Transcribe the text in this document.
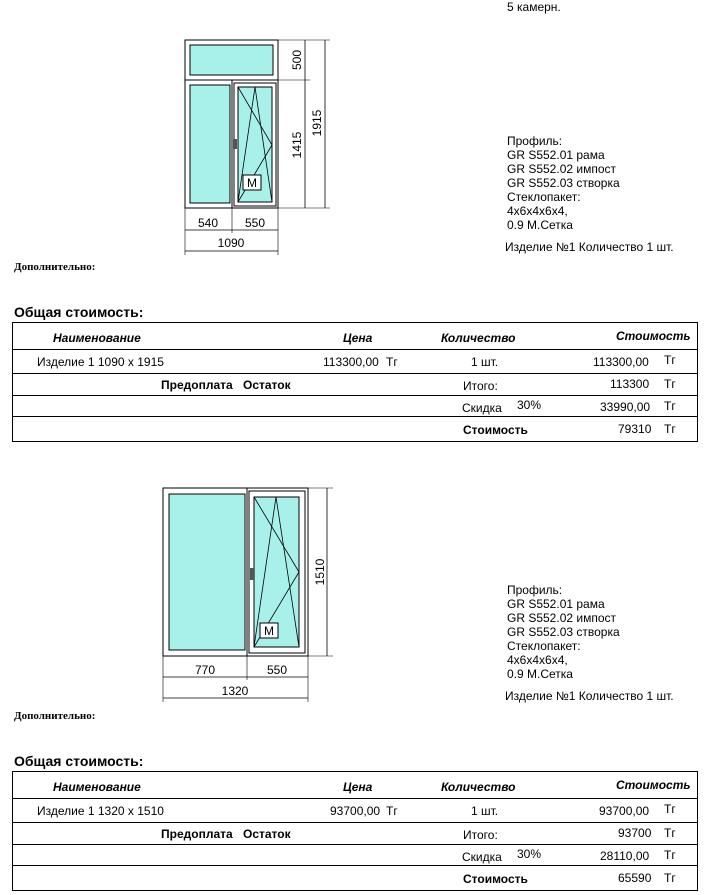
5 камерн.
M
500
1415
1915
540 550
1090
Профиль:
GR S552.01 рама
GR S552.02 импост
GR S552.03 створка
Стеклопакет:
4x6x4x6x4,
0.9 М.Сетка
Изделие №1 Количество 1 шт.
Дополнительно:
Общая стоимость:
Наименование	Цена	Количество	Стоимость
Изделие 1 1090 x 1915	113300,00 Тг	1 шт.	113300,00 Тг
Предоплата Остаток	Итого:	113300 Тг
Скидка 30%	33990,00 Тг
Стоимость	79310 Тг
M
1510
770	550
1320
Профиль:
GR S552.01 рама
GR S552.02 импост
GR S552.03 створка
Стеклопакет:
4x6x4x6x4,
0.9 М.Сетка
Изделие №1 Количество 1 шт.
Дополнительно:
Общая стоимость:
Наименование	Цена	Количество	Стоимость
Изделие 1 1320 x 1510	93700,00 Тг	1 шт.	93700,00 Тг
Предоплата Остаток	Итого:	93700 Тг
Скидка 30%	28110,00 Тг
Стоимость	65590 Тг
